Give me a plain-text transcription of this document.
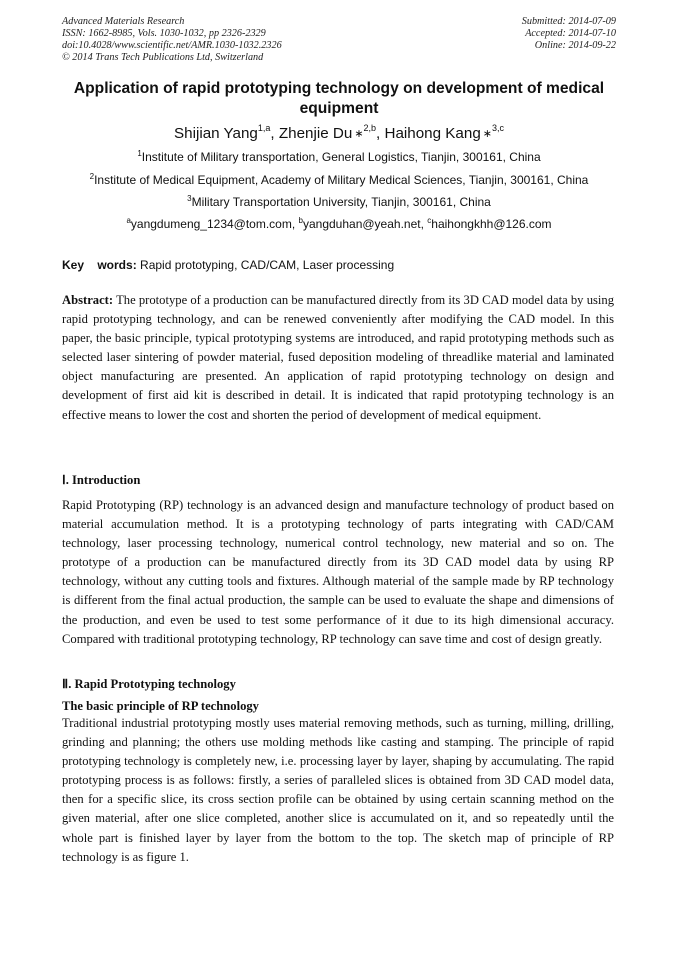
Advanced Materials Research
ISSN: 1662-8985, Vols. 1030-1032, pp 2326-2329
doi:10.4028/www.scientific.net/AMR.1030-1032.2326
© 2014 Trans Tech Publications Ltd, Switzerland
Submitted: 2014-07-09
Accepted: 2014-07-10
Online: 2014-09-22
Application of rapid prototyping technology on development of medical equipment
Shijian Yang$^{1,a}$, Zhenjie Du ∗$^{2,b}$, Haihong Kang ∗$^{3,c}$
$^1$Institute of Military transportation, General Logistics, Tianjin, 300161, China
$^2$Institute of Medical Equipment, Academy of Military Medical Sciences, Tianjin, 300161, China
$^3$Military Transportation University, Tianjin, 300161, China
$^a$yangdumeng_1234@tom.com, $^b$yangduhan@yeah.net, $^c$haihongkhh@126.com
Key    words: Rapid prototyping, CAD/CAM, Laser processing

Abstract: The prototype of a production can be manufactured directly from its 3D CAD model data by using rapid prototyping technology, and can be renewed conveniently after modifying the CAD model. In this paper, the basic principle, typical prototyping systems are introduced, and rapid prototyping methods such as selected laser sintering of powder material, fused deposition modeling of threadlike material and laminated object manufacturing are presented. An application of rapid prototyping technology on design and development of first aid kit is described in detail. It is indicated that rapid prototyping technology is an effective means to lower the cost and shorten the period of development of medical equipment.

Ⅰ. Introduction

Rapid Prototyping (RP) technology is an advanced design and manufacture technology of product based on material accumulation method. It is a prototyping technology of parts integrating with CAD/CAM technology, laser processing technology, numerical control technology, new material and so on. The prototype of a production can be manufactured directly from its 3D CAD model data by using RP technology, without any cutting tools and fixtures. Although material of the sample made by RP technology is different from the final actual production, the sample can be used to evaluate the shape and dimensions of the production, and even be used to test some performance of it due to its high dimensional accuracy. Compared with traditional prototyping technology, RP technology can save time and cost of design greatly.

Ⅱ. Rapid Prototyping technology
The basic principle of RP technology

Traditional industrial prototyping mostly uses material removing methods, such as turning, milling, drilling, grinding and planning; the others use molding methods like casting and stamping. The principle of rapid prototyping technology is completely new, i.e. processing layer by layer, shaping by accumulating. The rapid prototyping process is as follows: firstly, a series of paralleled slices is obtained from 3D CAD model data, then for a specific slice, its cross section profile can be obtained by using certain scanning method on the given material, after one slice completed, another slice is accumulated on it, and so repeatedly until the whole part is finished layer by layer from the bottom to the top. The sketch map of principle of RP technology is as figure 1.
